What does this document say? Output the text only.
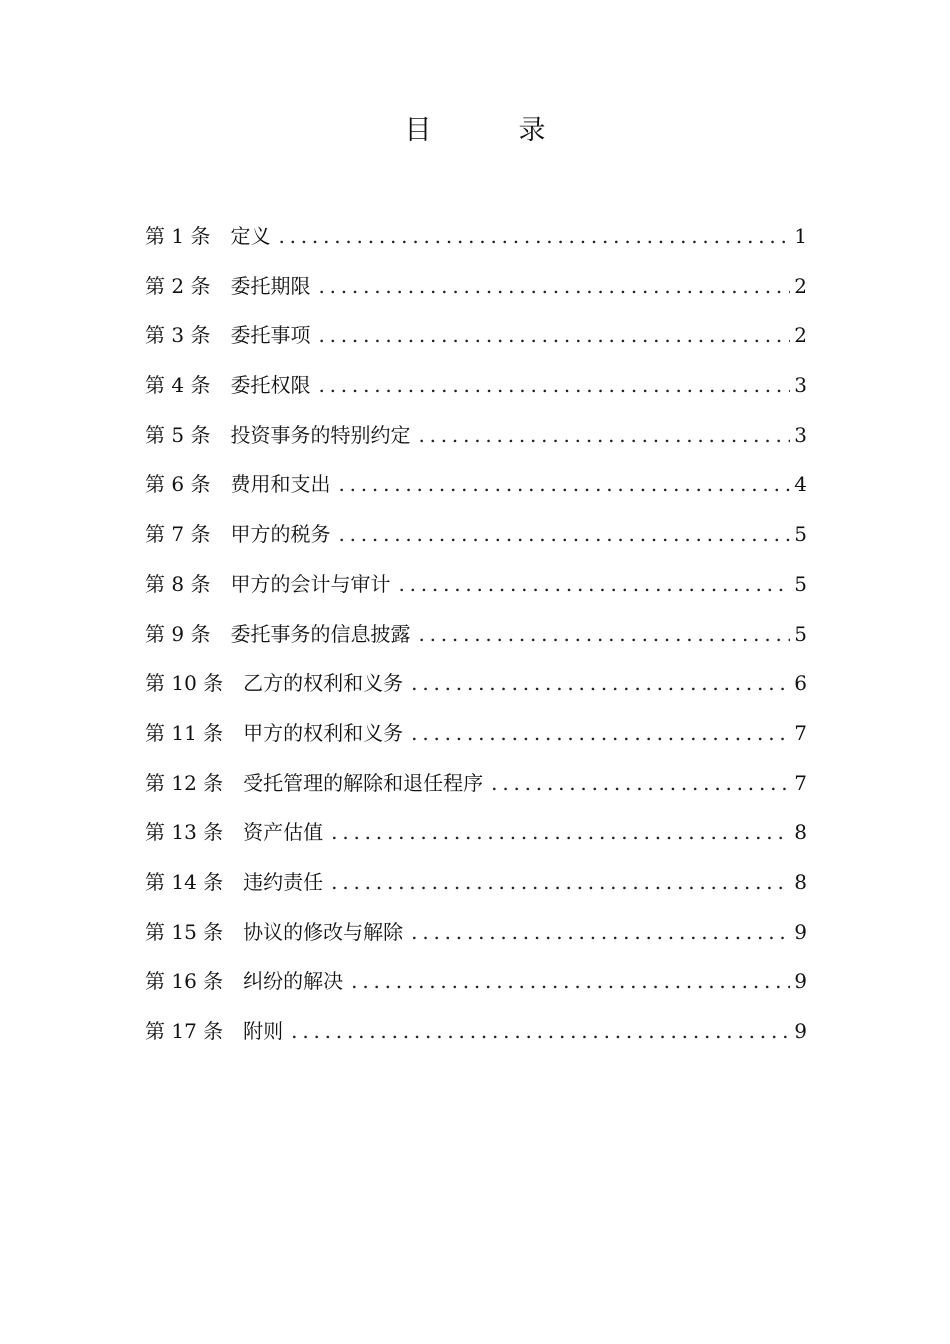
目　录
第 1 条　定义 .....	1
第 2 条　委托期限 .....	2
第 3 条　委托事项 .....	2
第 4 条　委托权限 .....	3
第 5 条　投资事务的特别约定 .....	3
第 6 条　费用和支出 .....	4
第 7 条　甲方的税务 .....	5
第 8 条　甲方的会计与审计 .....	5
第 9 条　委托事务的信息披露 .....	5
第 10 条　乙方的权利和义务 .....	6
第 11 条　甲方的权利和义务 .....	7
第 12 条　受托管理的解除和退任程序 .....	7
第 13 条　资产估值 .....	8
第 14 条　违约责任 .....	8
第 15 条　协议的修改与解除 .....	9
第 16 条　纠纷的解决 .....	9
第 17 条　附则 .....	9
